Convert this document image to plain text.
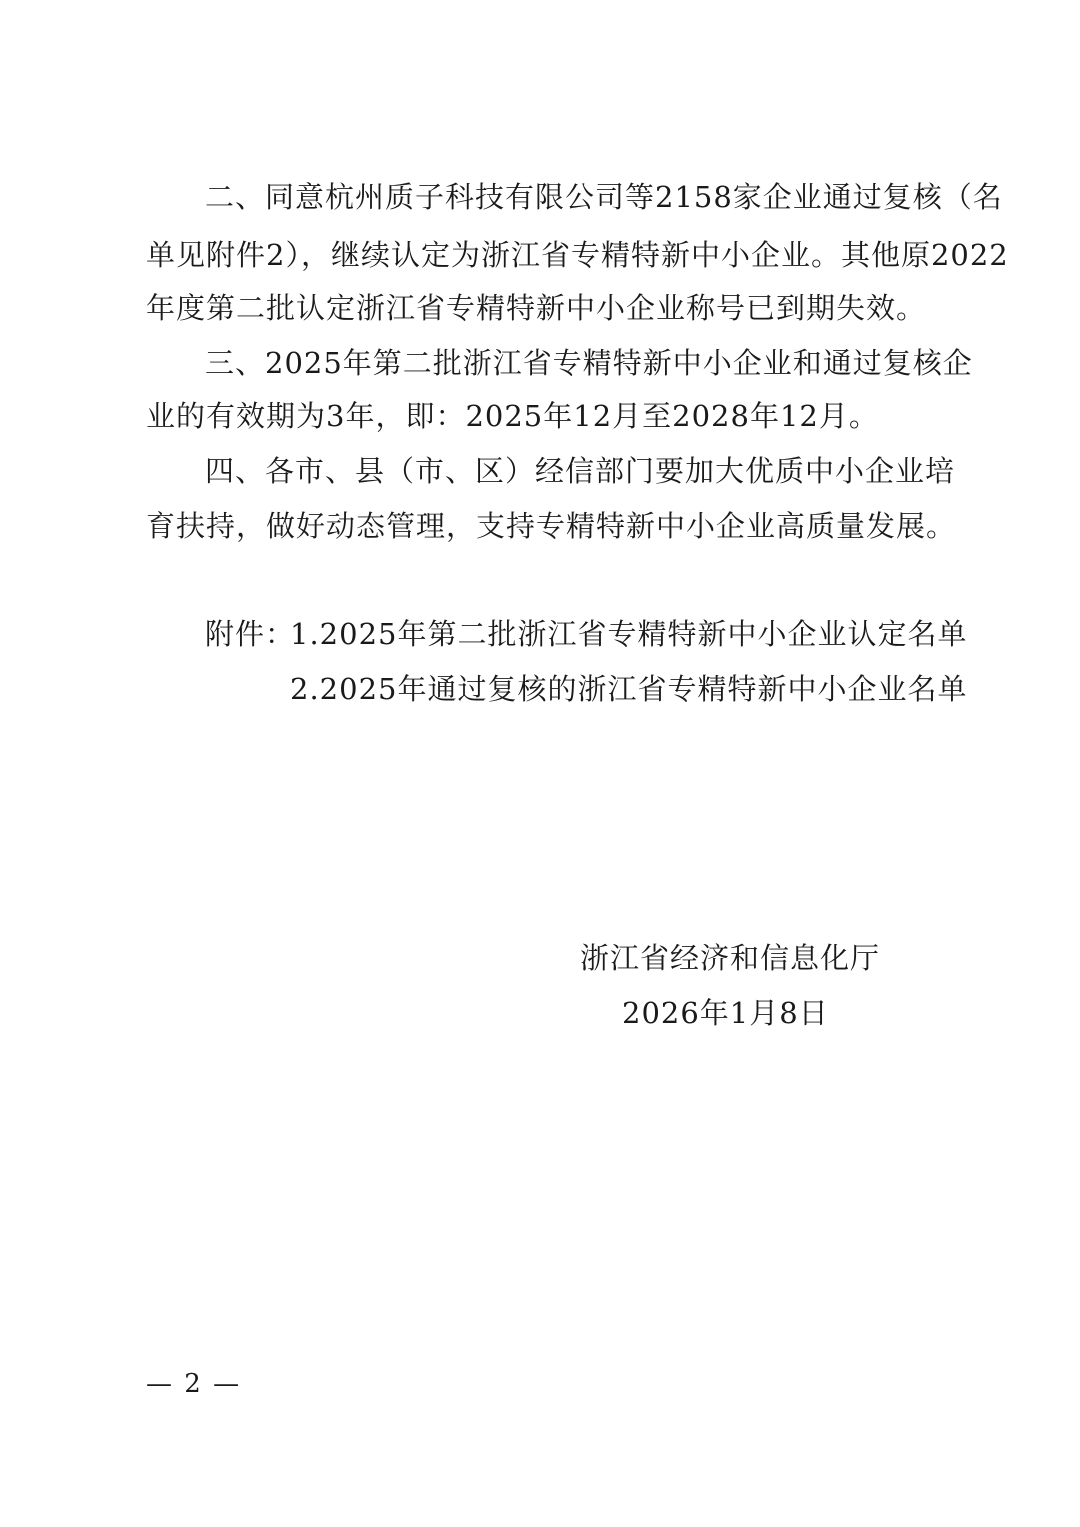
二、同意杭州质子科技有限公司等2158家企业通过复核（名
单见附件2），继续认定为浙江省专精特新中小企业。其他原2022
年度第二批认定浙江省专精特新中小企业称号已到期失效。
三、2025年第二批浙江省专精特新中小企业和通过复核企
业的有效期为3年，即：2025年12月至2028年12月。
四、各市、县（市、区）经信部门要加大优质中小企业培
育扶持，做好动态管理，支持专精特新中小企业高质量发展。
附件：
1.2025年第二批浙江省专精特新中小企业认定名单
2.2025年通过复核的浙江省专精特新中小企业名单
浙江省经济和信息化厅
2026年1月8日
— 2 —
